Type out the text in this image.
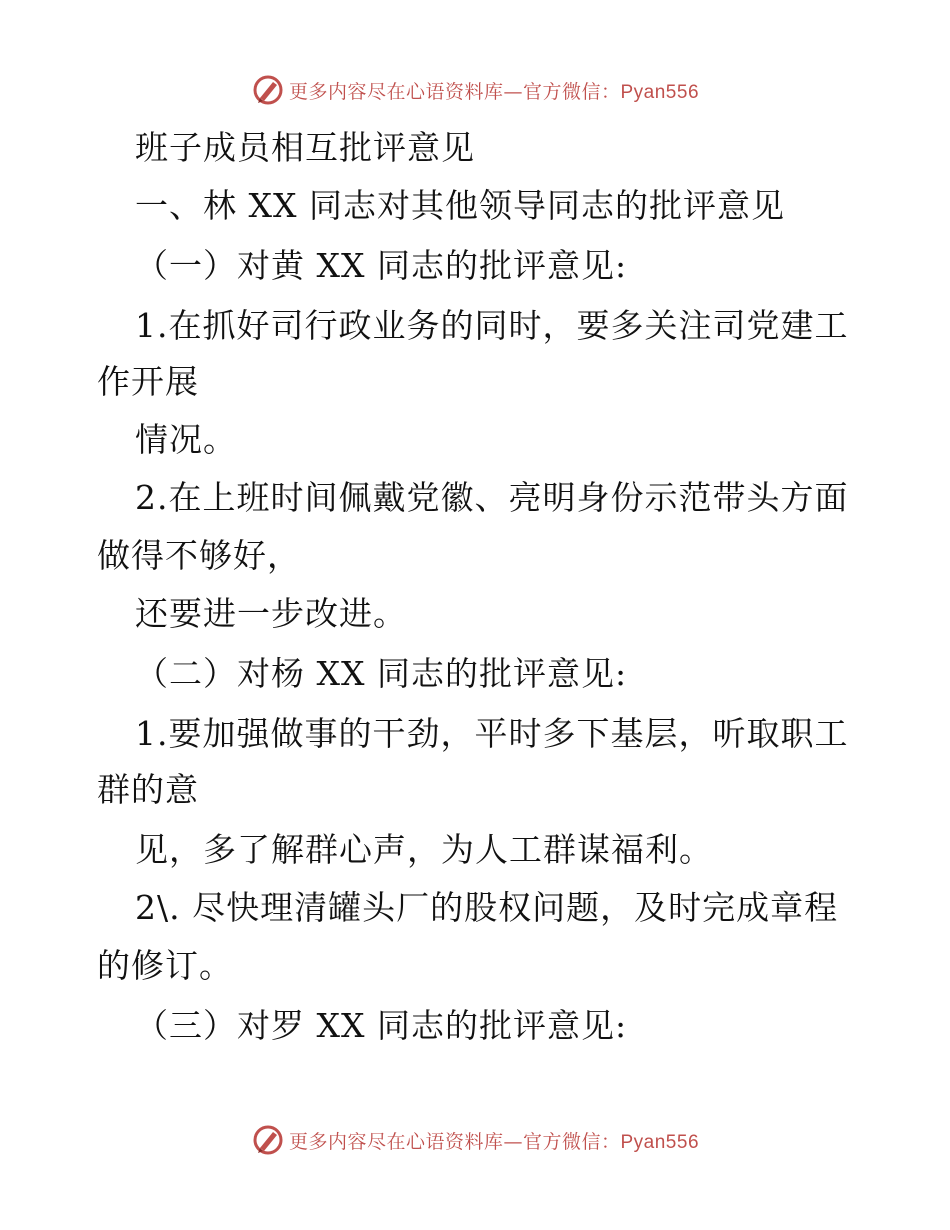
更多内容尽在心语资料库—官方微信：Pyan556
班子成员相互批评意见
一、林 XX 同志对其他领导同志的批评意见
（一）对黄 XX 同志的批评意见:
1.在抓好司行政业务的同时，要多关注司党建工
作开展
情况。
2.在上班时间佩戴党徽、亮明身份示范带头方面
做得不够好，
还要进一步改进。
（二）对杨 XX 同志的批评意见:
1.要加强做事的干劲，平时多下基层，听取职工
群的意
见，多了解群心声，为人工群谋福利。
2\. 尽快理清罐头厂的股权问题，及时完成章程
的修订。
（三）对罗 XX 同志的批评意见:
更多内容尽在心语资料库—官方微信：Pyan556
